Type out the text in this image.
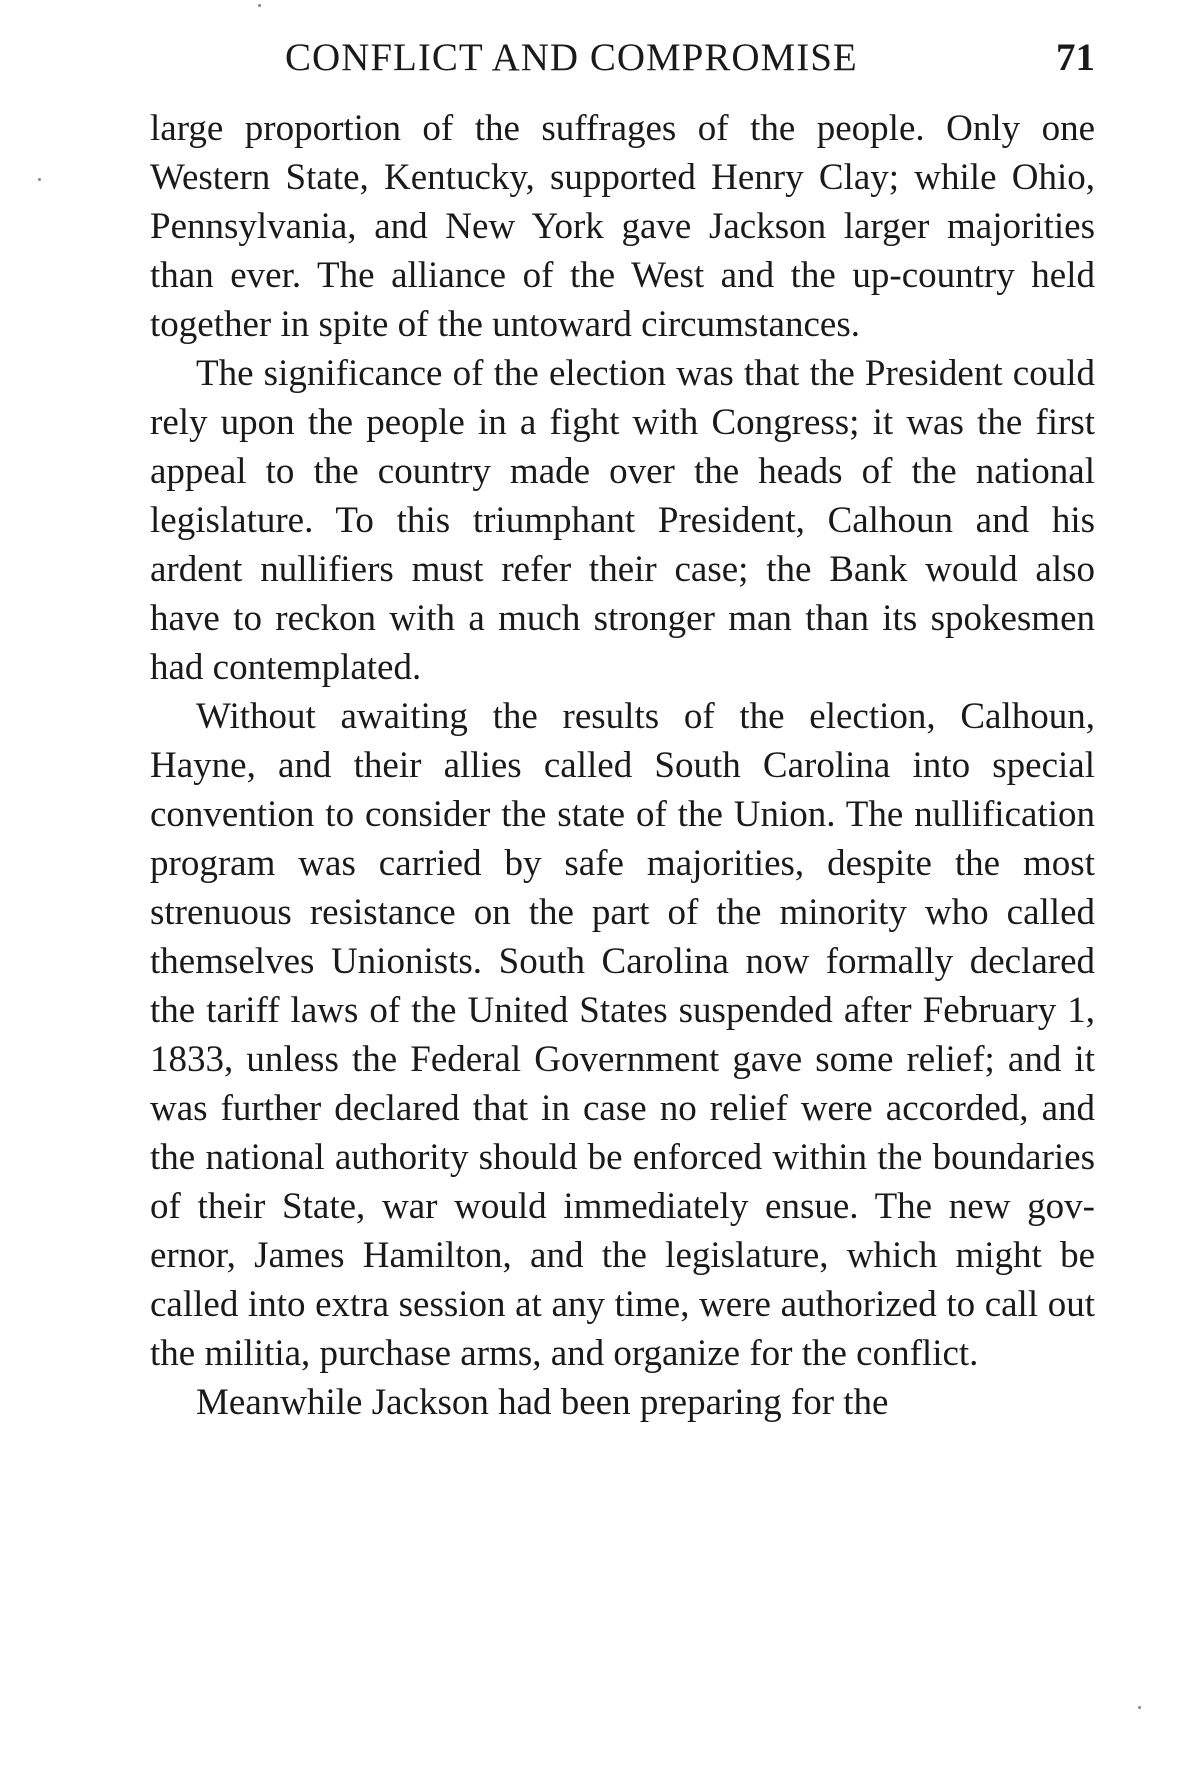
CONFLICT AND COMPROMISE	71

large proportion of the suffrages of the people. Only one Western State, Kentucky, supported Henry Clay; while Ohio, Pennsylvania, and New York gave Jackson larger majorities than ever. The alliance of the West and the up-country held together in spite of the untoward circumstances.

The significance of the election was that the President could rely upon the people in a fight with Congress; it was the first appeal to the country made over the heads of the national legislature. To this triumphant President, Calhoun and his ardent nullifiers must refer their case; the Bank would also have to reckon with a much stronger man than its spokesmen had contemplated.

Without awaiting the results of the election, Calhoun, Hayne, and their allies called South Carolina into special convention to consider the state of the Union. The nullification program was carried by safe majorities, despite the most strenuous resistance on the part of the minority who called themselves Unionists. South Carolina now formally declared the tariff laws of the United States suspended after February 1, 1833, unless the Federal Government gave some relief; and it was further declared that in case no relief were accorded, and the national authority should be enforced within the boundaries of their State, war would immediately ensue. The new governor, James Hamilton, and the legislature, which might be called into extra session at any time, were authorized to call out the militia, purchase arms, and organize for the conflict.

Meanwhile Jackson had been preparing for the
